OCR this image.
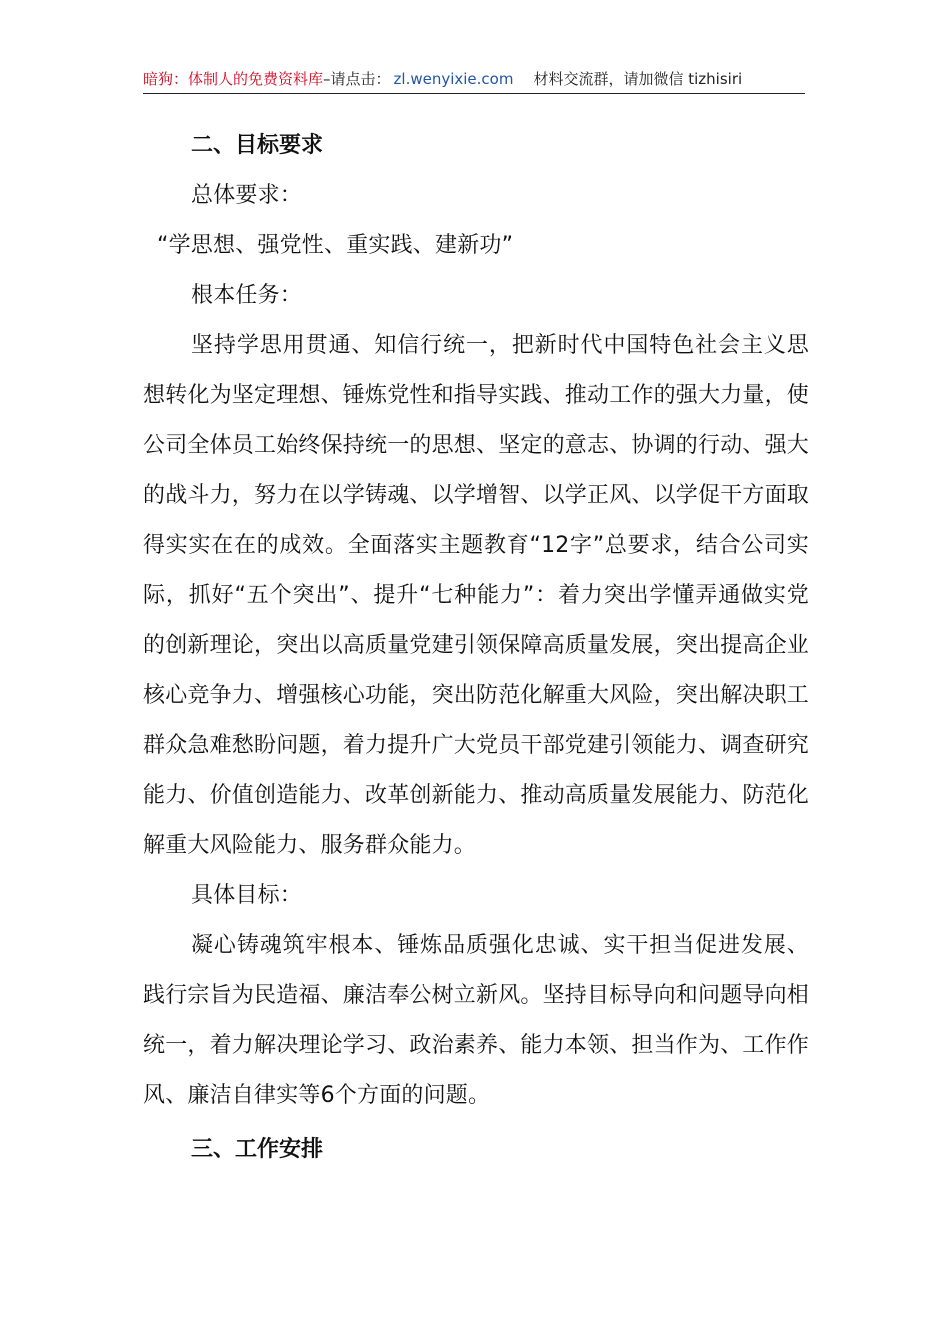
暗狗：体制人的免费资料库–请点击： zl.wenyixie.com 材料交流群，请加微信 tizhisiri
二、目标要求

总体要求：

“学思想、强党性、重实践、建新功”

根本任务：

坚持学思用贯通、知信行统一，把新时代中国特色社会主义思想转化为坚定理想、锤炼党性和指导实践、推动工作的强大力量，使公司全体员工始终保持统一的思想、坚定的意志、协调的行动、强大的战斗力，努力在以学铸魂、以学增智、以学正风、以学促干方面取得实实在在的成效。全面落实主题教育“12字”总要求，结合公司实际，抓好“五个突出”、提升“七种能力”：着力突出学懂弄通做实党的创新理论，突出以高质量党建引领保障高质量发展，突出提高企业核心竞争力、增强核心功能，突出防范化解重大风险，突出解决职工群众急难愁盼问题，着力提升广大党员干部党建引领能力、调查研究能力、价值创造能力、改革创新能力、推动高质量发展能力、防范化解重大风险能力、服务群众能力。

具体目标：

凝心铸魂筑牢根本、锤炼品质强化忠诚、实干担当促进发展、践行宗旨为民造福、廉洁奉公树立新风。坚持目标导向和问题导向相统一，着力解决理论学习、政治素养、能力本领、担当作为、工作作风、廉洁自律实等6个方面的问题。

三、工作安排
